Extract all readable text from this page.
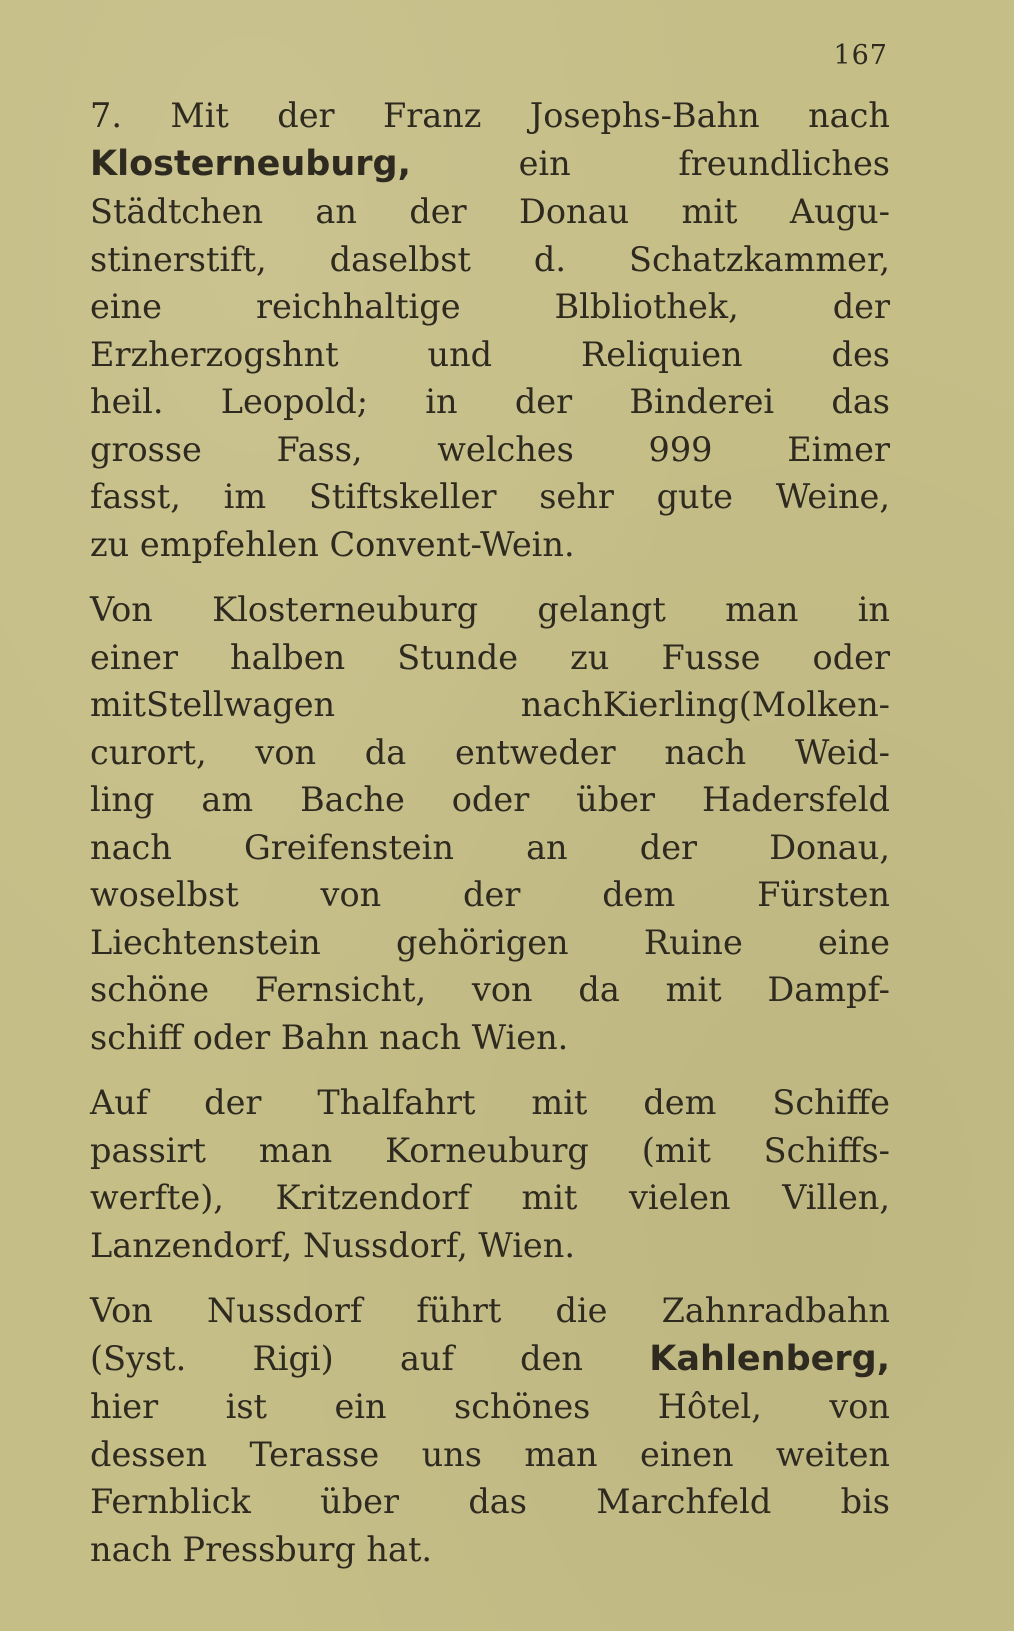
167
7. Mit der Franz Josephs-Bahn nach
Klosterneuburg, ein freundliches
Städtchen an der Donau mit Augu-
stinerstift, daselbst d. Schatzkammer,
eine reichhaltige Blbliothek, der
Erzherzogshnt und Reliquien des
heil. Leopold; in der Binderei das
grosse Fass, welches 999 Eimer
fasst, im Stiftskeller sehr gute Weine,
zu empfehlen Convent-Wein.
Von Klosterneuburg gelangt man in
einer halben Stunde zu Fusse oder
mitStellwagen nachKierling(Molken-
curort, von da entweder nach Weid-
ling am Bache oder über Hadersfeld
nach Greifenstein an der Donau,
woselbst von der dem Fürsten
Liechtenstein gehörigen Ruine eine
schöne Fernsicht, von da mit Dampf-
schiff oder Bahn nach Wien.
Auf der Thalfahrt mit dem Schiffe
passirt man Korneuburg (mit Schiffs-
werfte), Kritzendorf mit vielen Villen,
Lanzendorf, Nussdorf, Wien.
Von Nussdorf führt die Zahnradbahn
(Syst. Rigi) auf den Kahlenberg,
hier ist ein schönes Hôtel, von
dessen Terasse uns man einen weiten
Fernblick über das Marchfeld bis
nach Pressburg hat.
